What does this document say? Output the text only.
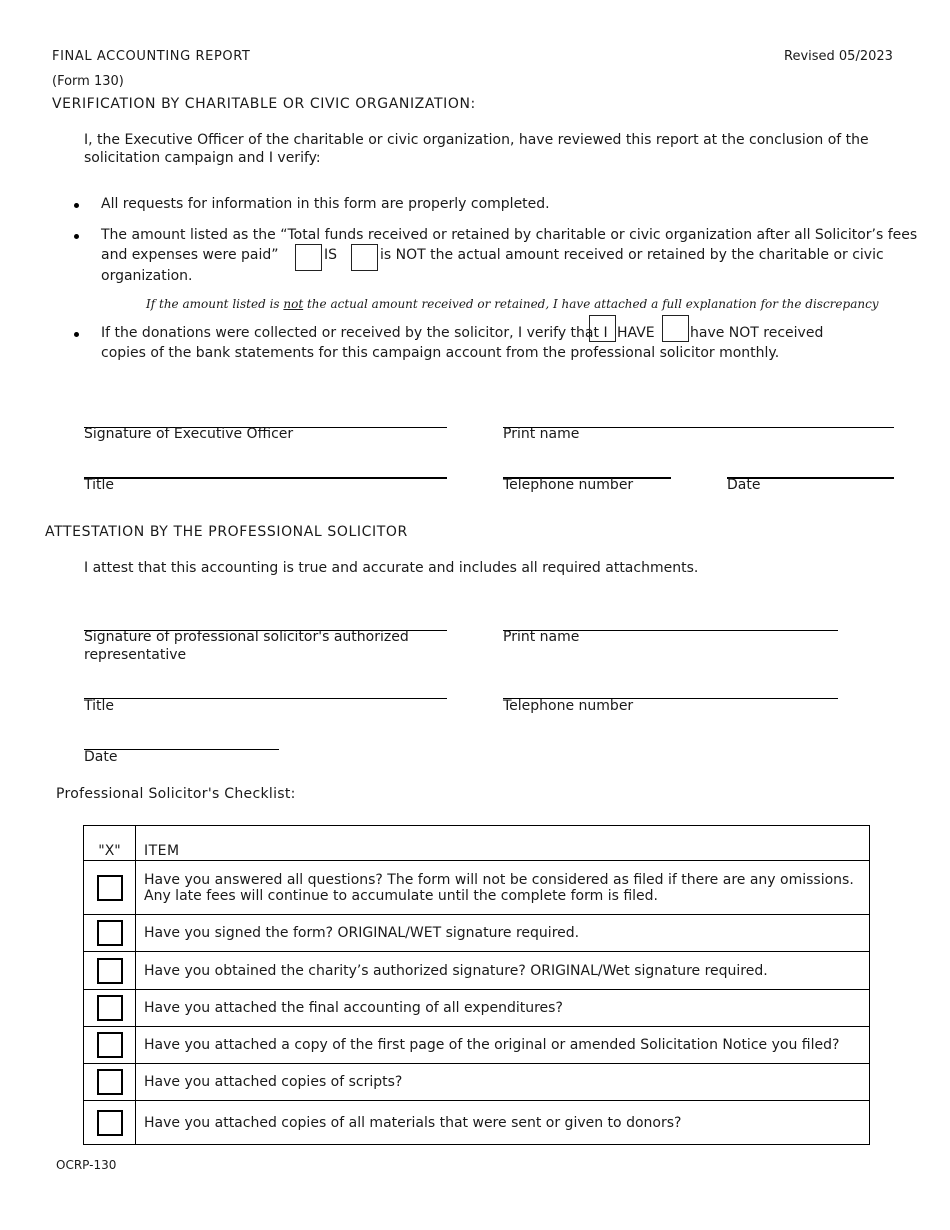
FINAL ACCOUNTING REPORT
(Form 130)
Revised 05/2023
VERIFICATION BY CHARITABLE OR CIVIC ORGANIZATION:
I, the Executive Officer of the charitable or civic organization, have reviewed this report at the conclusion of the
solicitation campaign and I verify:
All requests for information in this form are properly completed.
The amount listed as the “Total funds received or retained by charitable or civic organization after all Solicitor’s fees
and expenses were paid”	IS	is NOT the actual amount received or retained by the charitable or civic
organization.
If the amount listed is not the actual amount received or retained, I have attached a full explanation for the discrepancy
If the donations were collected or received by the solicitor, I verify that I HAVE	have NOT received
copies of the bank statements for this campaign account from the professional solicitor monthly.
Signature of Executive Officer	Print name
Title	Telephone number	Date
ATTESTATION BY THE PROFESSIONAL SOLICITOR
I attest that this accounting is true and accurate and includes all required attachments.
Signature of professional solicitor's authorized
representative
Print name
Title	Telephone number
Date
Professional Solicitor's Checklist:
"X"	ITEM

	Have you answered all questions? The form will not be considered as filed if there are any omissions.
Any late fees will continue to accumulate until the complete form is filed.

	Have you signed the form? ORIGINAL/WET signature required.
	Have you obtained the charity’s authorized signature? ORIGINAL/Wet signature required.
	Have you attached the final accounting of all expenditures?
	Have you attached a copy of the first page of the original or amended Solicitation Notice you filed?
	Have you attached copies of scripts?
	Have you attached copies of all materials that were sent or given to donors?
OCRP-130
